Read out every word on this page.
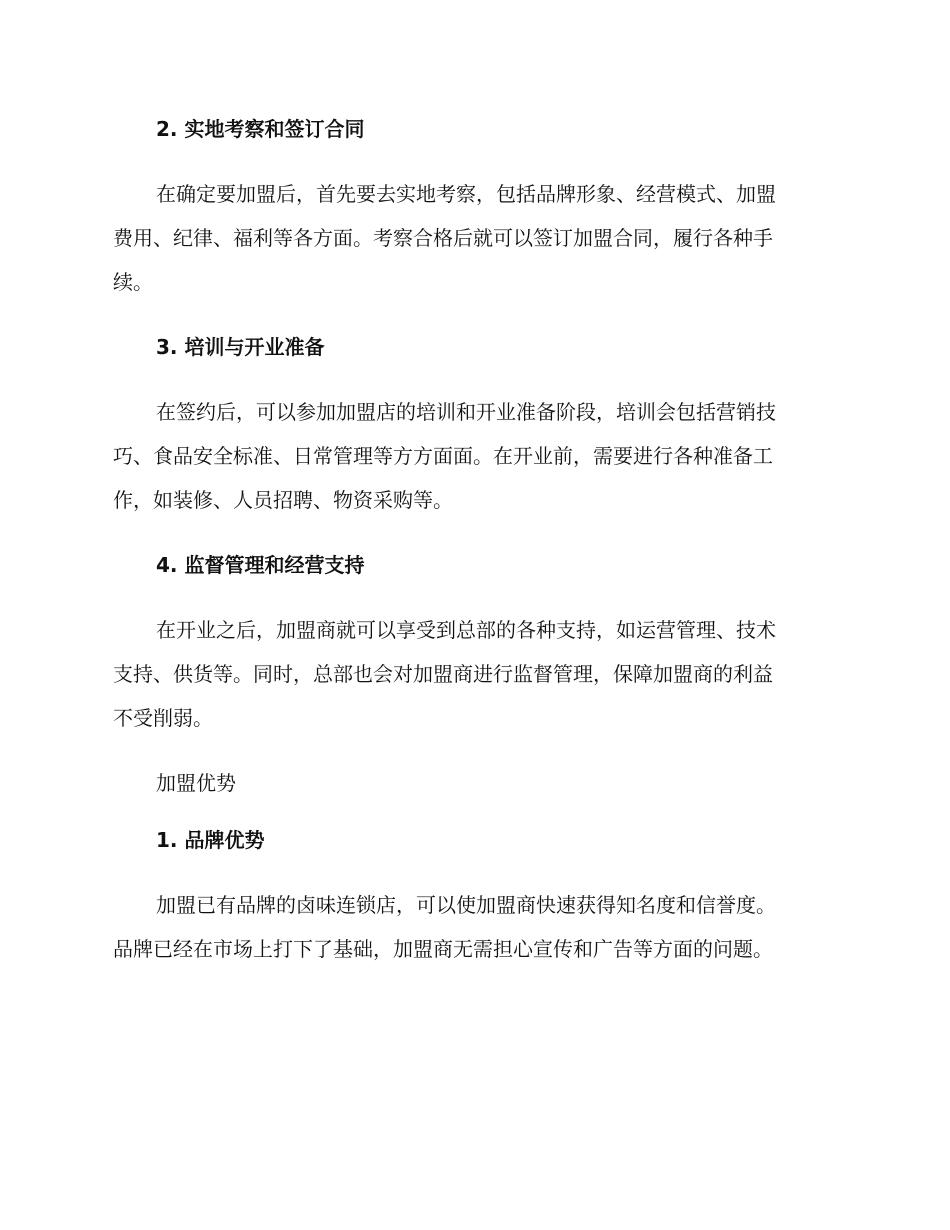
2. 实地考察和签订合同

在确定要加盟后，首先要去实地考察，包括品牌形象、经营模式、加盟
费用、纪律、福利等各方面。考察合格后就可以签订加盟合同，履行各种手
续。

3. 培训与开业准备

在签约后，可以参加加盟店的培训和开业准备阶段，培训会包括营销技
巧、食品安全标准、日常管理等方方面面。在开业前，需要进行各种准备工
作，如装修、人员招聘、物资采购等。

4. 监督管理和经营支持

在开业之后，加盟商就可以享受到总部的各种支持，如运营管理、技术
支持、供货等。同时，总部也会对加盟商进行监督管理，保障加盟商的利益
不受削弱。

加盟优势
1. 品牌优势

加盟已有品牌的卤味连锁店，可以使加盟商快速获得知名度和信誉度。
品牌已经在市场上打下了基础，加盟商无需担心宣传和广告等方面的问题。
